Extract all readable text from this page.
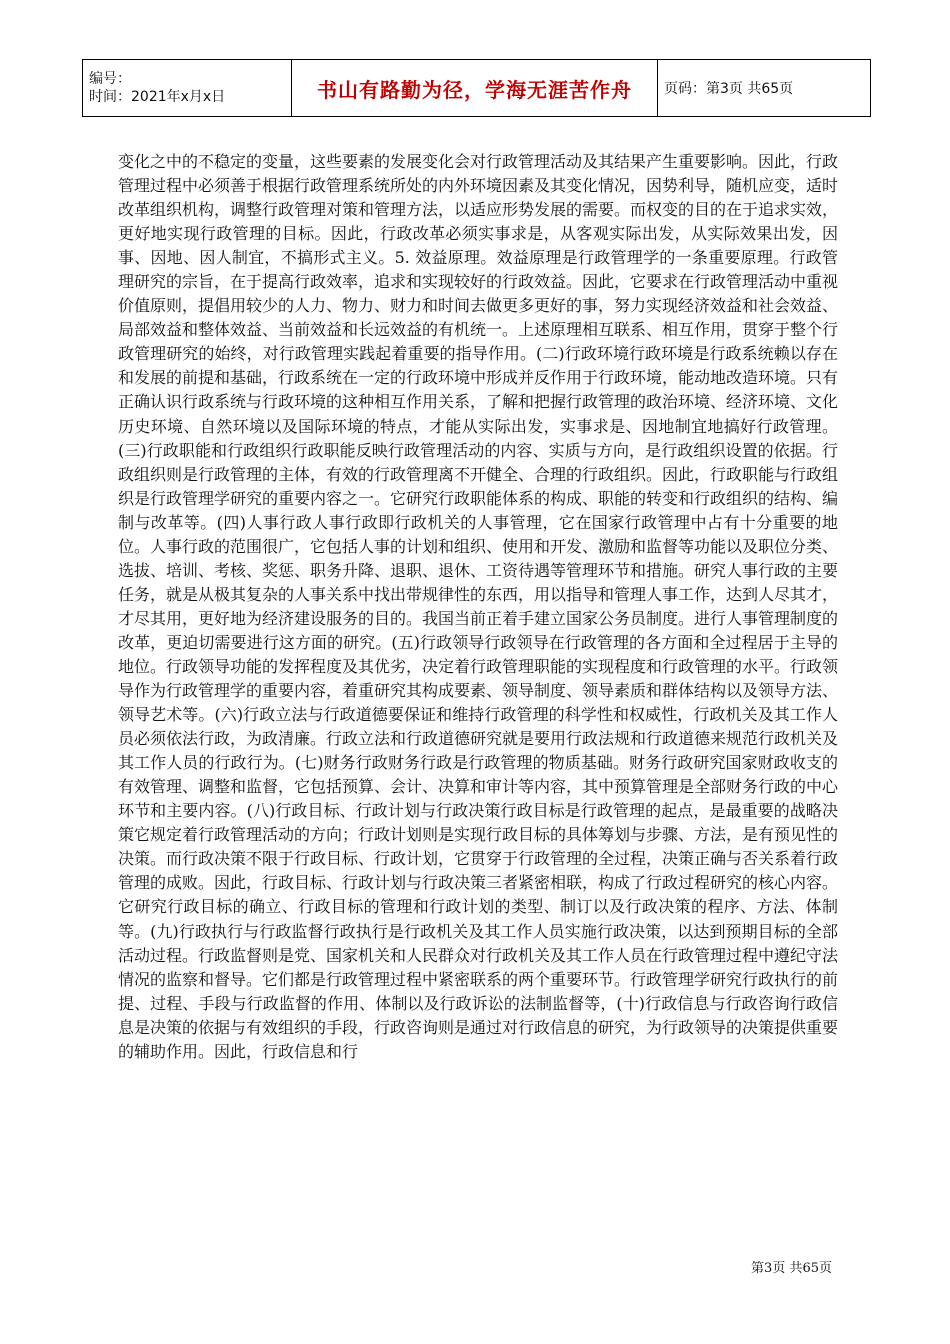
编号：
时间：2021年x月x日	书山有路勤为径，学海无涯苦作舟	页码：第3页 共65页

变化之中的不稳定的变量，这些要素的发展变化会对行政管理活动及其结果产生重要影响。因此，行政管理过程中必须善于根据行政管理系统所处的内外环境因素及其变化情况，因势利导，随机应变，适时改革组织机构，调整行政管理对策和管理方法，以适应形势发展的需要。而权变的目的在于追求实效，更好地实现行政管理的目标。因此，行政改革必须实事求是，从客观实际出发，从实际效果出发，因事、因地、因人制宜，不搞形式主义。5. 效益原理。效益原理是行政管理学的一条重要原理。行政管理研究的宗旨，在于提高行政效率，追求和实现较好的行政效益。因此，它要求在行政管理活动中重视价值原则，提倡用较少的人力、物力、财力和时间去做更多更好的事，努力实现经济效益和社会效益、局部效益和整体效益、当前效益和长远效益的有机统一。上述原理相互联系、相互作用，贯穿于整个行政管理研究的始终，对行政管理实践起着重要的指导作用。(二)行政环境行政环境是行政系统赖以存在和发展的前提和基础，行政系统在一定的行政环境中形成并反作用于行政环境，能动地改造环境。只有正确认识行政系统与行政环境的这种相互作用关系，了解和把握行政管理的政治环境、经济环境、文化历史环境、自然环境以及国际环境的特点，才能从实际出发，实事求是、因地制宜地搞好行政管理。(三)行政职能和行政组织行政职能反映行政管理活动的内容、实质与方向，是行政组织设置的依据。行政组织则是行政管理的主体，有效的行政管理离不开健全、合理的行政组织。因此，行政职能与行政组织是行政管理学研究的重要内容之一。它研究行政职能体系的构成、职能的转变和行政组织的结构、编制与改革等。(四)人事行政人事行政即行政机关的人事管理，它在国家行政管理中占有十分重要的地位。人事行政的范围很广，它包括人事的计划和组织、使用和开发、激励和监督等功能以及职位分类、选拔、培训、考核、奖惩、职务升降、退职、退休、工资待遇等管理环节和措施。研究人事行政的主要任务，就是从极其复杂的人事关系中找出带规律性的东西，用以指导和管理人事工作，达到人尽其才，才尽其用，更好地为经济建设服务的目的。我国当前正着手建立国家公务员制度。进行人事管理制度的改革，更迫切需要进行这方面的研究。(五)行政领导行政领导在行政管理的各方面和全过程居于主导的地位。行政领导功能的发挥程度及其优劣，决定着行政管理职能的实现程度和行政管理的水平。行政领导作为行政管理学的重要内容，着重研究其构成要素、领导制度、领导素质和群体结构以及领导方法、领导艺术等。(六)行政立法与行政道德要保证和维持行政管理的科学性和权威性，行政机关及其工作人员必须依法行政，为政清廉。行政立法和行政道德研究就是要用行政法规和行政道德来规范行政机关及其工作人员的行政行为。(七)财务行政财务行政是行政管理的物质基础。财务行政研究国家财政收支的有效管理、调整和监督，它包括预算、会计、决算和审计等内容，其中预算管理是全部财务行政的中心环节和主要内容。(八)行政目标、行政计划与行政决策行政目标是行政管理的起点，是最重要的战略决策它规定着行政管理活动的方向；行政计划则是实现行政目标的具体筹划与步骤、方法，是有预见性的决策。而行政决策不限于行政目标、行政计划，它贯穿于行政管理的全过程，决策正确与否关系着行政管理的成败。因此，行政目标、行政计划与行政决策三者紧密相联，构成了行政过程研究的核心内容。它研究行政目标的确立、行政目标的管理和行政计划的类型、制订以及行政决策的程序、方法、体制等。(九)行政执行与行政监督行政执行是行政机关及其工作人员实施行政决策，以达到预期目标的全部活动过程。行政监督则是党、国家机关和人民群众对行政机关及其工作人员在行政管理过程中遵纪守法情况的监察和督导。它们都是行政管理过程中紧密联系的两个重要环节。行政管理学研究行政执行的前提、过程、手段与行政监督的作用、体制以及行政诉讼的法制监督等，(十)行政信息与行政咨询行政信息是决策的依据与有效组织的手段，行政咨询则是通过对行政信息的研究，为行政领导的决策提供重要的辅助作用。因此，行政信息和行

第3页 共65页
